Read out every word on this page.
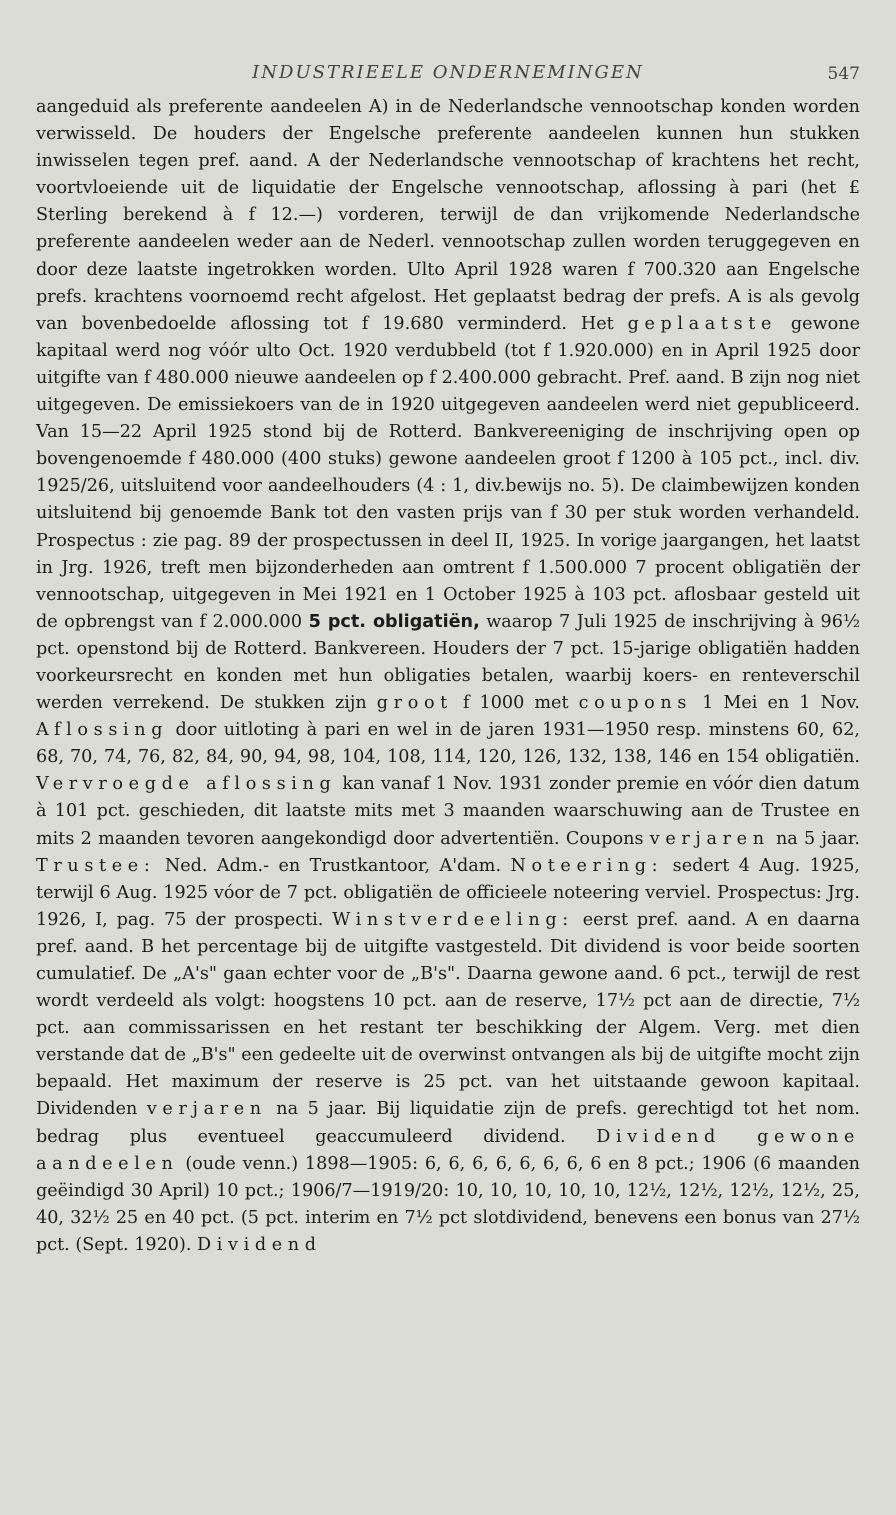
INDUSTRIEELE ONDERNEMINGEN	547
aangeduid als preferente aandeelen A) in de Nederlandsche vennootschap konden worden verwisseld. De houders der Engelsche preferente aandeelen kunnen hun stukken inwisselen tegen pref. aand. A der Nederlandsche vennootschap of krachtens het recht, voortvloeiende uit de liquidatie der Engelsche vennootschap, aflossing à pari (het £ Sterling berekend à f 12.—) vorderen, terwijl de dan vrijkomende Nederlandsche preferente aandeelen weder aan de Nederl. vennootschap zullen worden teruggegeven en door deze laatste ingetrokken worden. Ulto April 1928 waren f 700.320 aan Engelsche prefs. krachtens voornoemd recht afgelost. Het geplaatst bedrag der prefs. A is als gevolg van bovenbedoelde aflossing tot f 19.680 verminderd. Het geplaatste gewone kapitaal werd nog vóór ulto Oct. 1920 verdubbeld (tot f 1.920.000) en in April 1925 door uitgifte van f 480.000 nieuwe aandeelen op f 2.400.000 gebracht. Pref. aand. B zijn nog niet uitgegeven. De emissiekoers van de in 1920 uitgegeven aandeelen werd niet gepubliceerd. Van 15—22 April 1925 stond bij de Rotterd. Bankvereeniging de inschrijving open op bovengenoemde f 480.000 (400 stuks) gewone aandeelen groot f 1200 à 105 pct., incl. div. 1925/26, uitsluitend voor aandeelhouders (4 : 1, div.bewijs no. 5). De claimbewijzen konden uitsluitend bij genoemde Bank tot den vasten prijs van f 30 per stuk worden verhandeld. Prospectus : zie pag. 89 der prospectussen in deel II, 1925. In vorige jaargangen, het laatst in Jrg. 1926, treft men bijzonderheden aan omtrent f 1.500.000 7 procent obligatiën der vennootschap, uitgegeven in Mei 1921 en 1 October 1925 à 103 pct. aflosbaar gesteld uit de opbrengst van f 2.000.000 5 pct. obligatiën, waarop 7 Juli 1925 de inschrijving à 96½ pct. openstond bij de Rotterd. Bankvereen. Houders der 7 pct. 15-jarige obligatiën hadden voorkeursrecht en konden met hun obligaties betalen, waarbij koers- en renteverschil werden verrekend. De stukken zijn groot f 1000 met coupons 1 Mei en 1 Nov. Aflossing door uitloting à pari en wel in de jaren 1931—1950 resp. minstens 60, 62, 68, 70, 74, 76, 82, 84, 90, 94, 98, 104, 108, 114, 120, 126, 132, 138, 146 en 154 obligatiën. Vervroegde aflossing kan vanaf 1 Nov. 1931 zonder premie en vóór dien datum à 101 pct. geschieden, dit laatste mits met 3 maanden waarschuwing aan de Trustee en mits 2 maanden tevoren aangekondigd door advertentiën. Coupons verjaren na 5 jaar. Trustee: Ned. Adm.- en Trustkantoor, A'dam. Noteering: sedert 4 Aug. 1925, terwijl 6 Aug. 1925 vóor de 7 pct. obligatiën de officieele noteering verviel. Prospectus: Jrg. 1926, I, pag. 75 der prospecti. Winstverdeeling: eerst pref. aand. A en daarna pref. aand. B het percentage bij de uitgifte vastgesteld. Dit dividend is voor beide soorten cumulatief. De „A's" gaan echter voor de „B's". Daarna gewone aand. 6 pct., terwijl de rest wordt verdeeld als volgt: hoogstens 10 pct. aan de reserve, 17½ pct aan de directie, 7½ pct. aan commissarissen en het restant ter beschikking der Algem. Verg. met dien verstande dat de „B's" een gedeelte uit de overwinst ontvangen als bij de uitgifte mocht zijn bepaald. Het maximum der reserve is 25 pct. van het uitstaande gewoon kapitaal. Dividenden verjaren na 5 jaar. Bij liquidatie zijn de prefs. gerechtigd tot het nom. bedrag plus eventueel geaccumuleerd dividend. Dividend gewone aandeelen (oude venn.) 1898—1905: 6, 6, 6, 6, 6, 6, 6, 6 en 8 pct.; 1906 (6 maanden geëindigd 30 April) 10 pct.; 1906/7—1919/20: 10, 10, 10, 10, 10, 12½, 12½, 12½, 12½, 25, 40, 32½ 25 en 40 pct. (5 pct. interim en 7½ pct slotdividend, benevens een bonus van 27½ pct. (Sept. 1920). Dividend
